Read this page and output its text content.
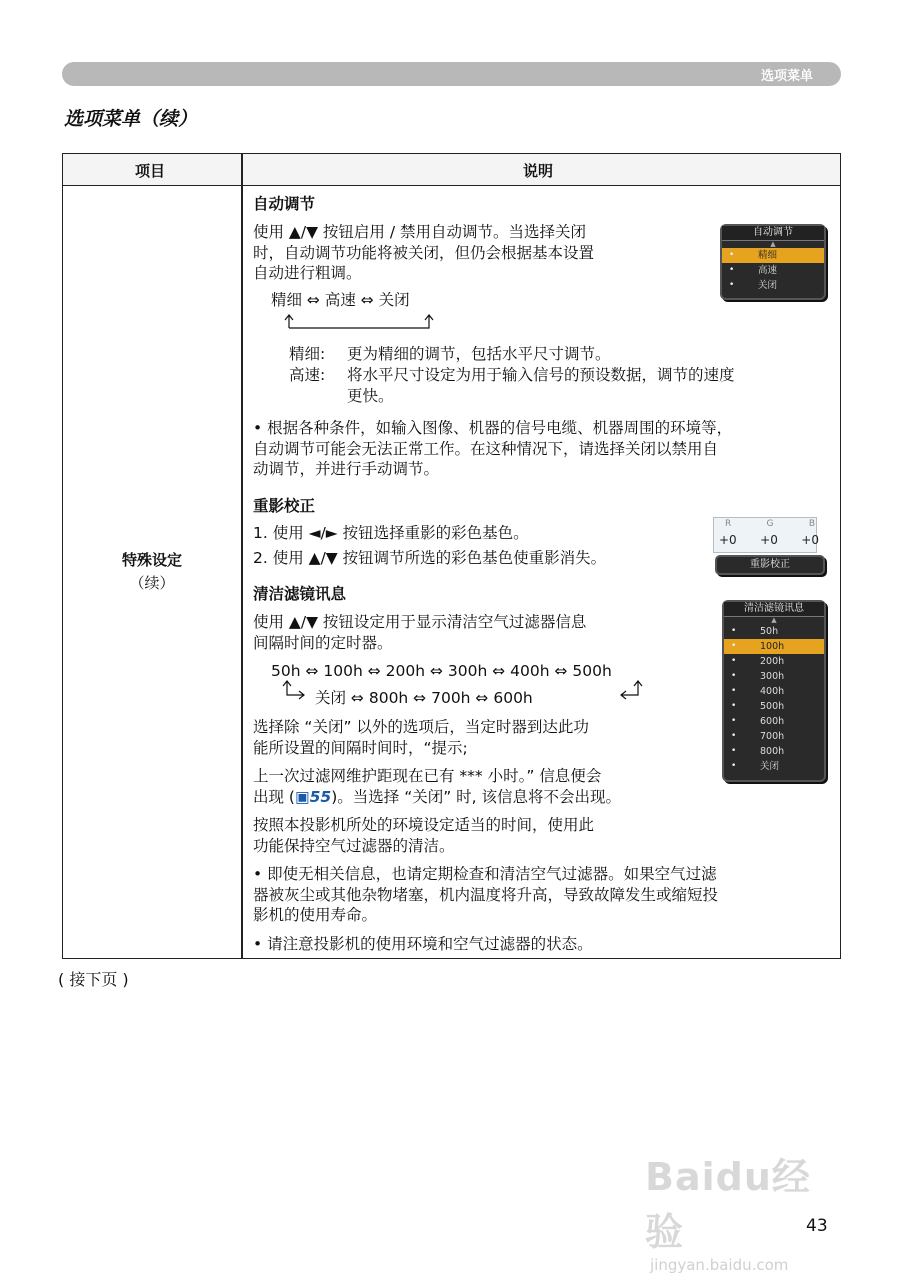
选项菜单
选项菜单（续）
项目	说明
特殊设定
（续）
自动调节
使用 ▲/▼ 按钮启用 / 禁用自动调节。当选择关闭
时，自动调节功能将被关闭，但仍会根据基本设置
自动进行粗调。
精细 ⇔ 高速 ⇔ 关闭
精细: 更为精细的调节，包括水平尺寸调节。
高速: 将水平尺寸设定为用于输入信号的预设数据，调节的速度
更快。
• 根据各种条件，如输入图像、机器的信号电缆、机器周围的环境等，
自动调节可能会无法正常工作。在这种情况下，请选择关闭以禁用自
动调节，并进行手动调节。
自动调节
▲
• 精细
• 高速
• 关闭
重影校正
1. 使用 ◄/► 按钮选择重影的彩色基色。
2. 使用 ▲/▼ 按钮调节所选的彩色基色使重影消失。
R	G	B
+0 +0 +0
重影校正
清洁滤镜讯息
使用 ▲/▼ 按钮设定用于显示清洁空气过滤器信息
间隔时间的定时器。
50h ⇔ 100h ⇔ 200h ⇔ 300h ⇔ 400h ⇔ 500h
关闭 ⇔ 800h ⇔ 700h ⇔ 600h
选择除 “关闭” 以外的选项后，当定时器到达此功
能所设置的间隔时间时，“提示;
上一次过滤网维护距现在已有 *** 小时。” 信息便会
出现 (▣55)。当选择 “关闭” 时, 该信息将不会出现。
按照本投影机所处的环境设定适当的时间，使用此
功能保持空气过滤器的清洁。
• 即使无相关信息，也请定期检查和清洁空气过滤器。如果空气过滤
器被灰尘或其他杂物堵塞，机内温度将升高，导致故障发生或缩短投
影机的使用寿命。
• 请注意投影机的使用环境和空气过滤器的状态。
清洁滤镜讯息
▲
• 50h
• 100h
• 200h
• 300h
• 400h
• 500h
• 600h
• 700h
• 800h
• 关闭
( 接下页 )
Baidu经验
jingyan.baidu.com
43
